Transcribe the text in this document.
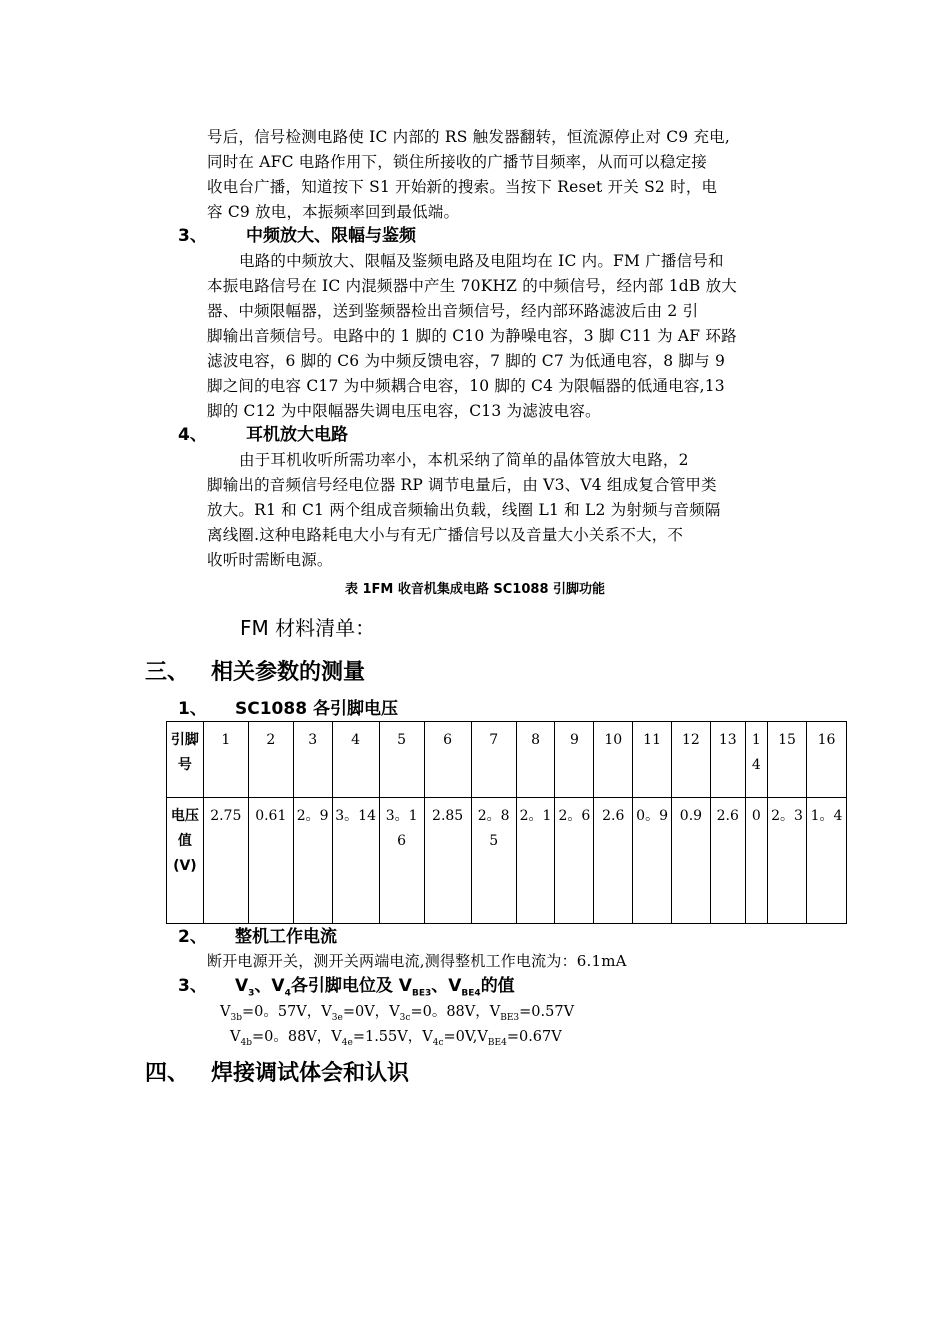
号后，信号检测电路使 IC 内部的 RS 触发器翻转，恒流源停止对 C9 充电,
同时在 AFC 电路作用下，锁住所接收的广播节目频率，从而可以稳定接
收电台广播，知道按下 S1 开始新的搜索。当按下 Reset 开关 S2 时，电
容 C9 放电，本振频率回到最低端。
3、 中频放大、限幅与鉴频
电路的中频放大、限幅及鉴频电路及电阻均在 IC 内。FM 广播信号和
本振电路信号在 IC 内混频器中产生 70KHZ 的中频信号，经内部 1dB 放大
器、中频限幅器，送到鉴频器检出音频信号，经内部环路滤波后由 2 引
脚输出音频信号。电路中的 1 脚的 C10 为静噪电容，3 脚 C11 为 AF 环路
滤波电容，6 脚的 C6 为中频反馈电容，7 脚的 C7 为低通电容，8 脚与 9
脚之间的电容 C17 为中频耦合电容，10 脚的 C4 为限幅器的低通电容,13
脚的 C12 为中限幅器失调电压电容，C13 为滤波电容。
4、 耳机放大电路
由于耳机收听所需功率小，本机采纳了简单的晶体管放大电路，2
脚输出的音频信号经电位器 RP 调节电量后，由 V3、V4 组成复合管甲类
放大。R1 和 C1 两个组成音频输出负载，线圈 L1 和 L2 为射频与音频隔
离线圈.这种电路耗电大小与有无广播信号以及音量大小关系不大，不
收听时需断电源。
表 1FM 收音机集成电路 SC1088 引脚功能
FM 材料清单：
三、 相关参数的测量
1、 SC1088 各引脚电压
引脚号	1	2	3	4	5	6	7	8	9	10	11	12	13	14	15	16
电压值(V)	2.75	0.61	2。9	3。14	3。16	2.85	2。85	2。1	2。6	2.6	0。9	0.9	2.6	0	2。3	1。4
2、 整机工作电流
断开电源开关，测开关两端电流,测得整机工作电流为：6.1mA
3、 $V_3$、$V_4$各引脚电位及 $V_{BE3}$、$V_{BE4}$的值
$V_{3b}=0$。57V，$V_{3e}=0V$，$V_{3c}=0$。88V，$V_{BE3}=0.57V$
$V_{4b}=0$。88V，$V_{4e}=1.55V$，$V_{4c}=0V,V_{BE4}=0.67V$
四、 焊接调试体会和认识
